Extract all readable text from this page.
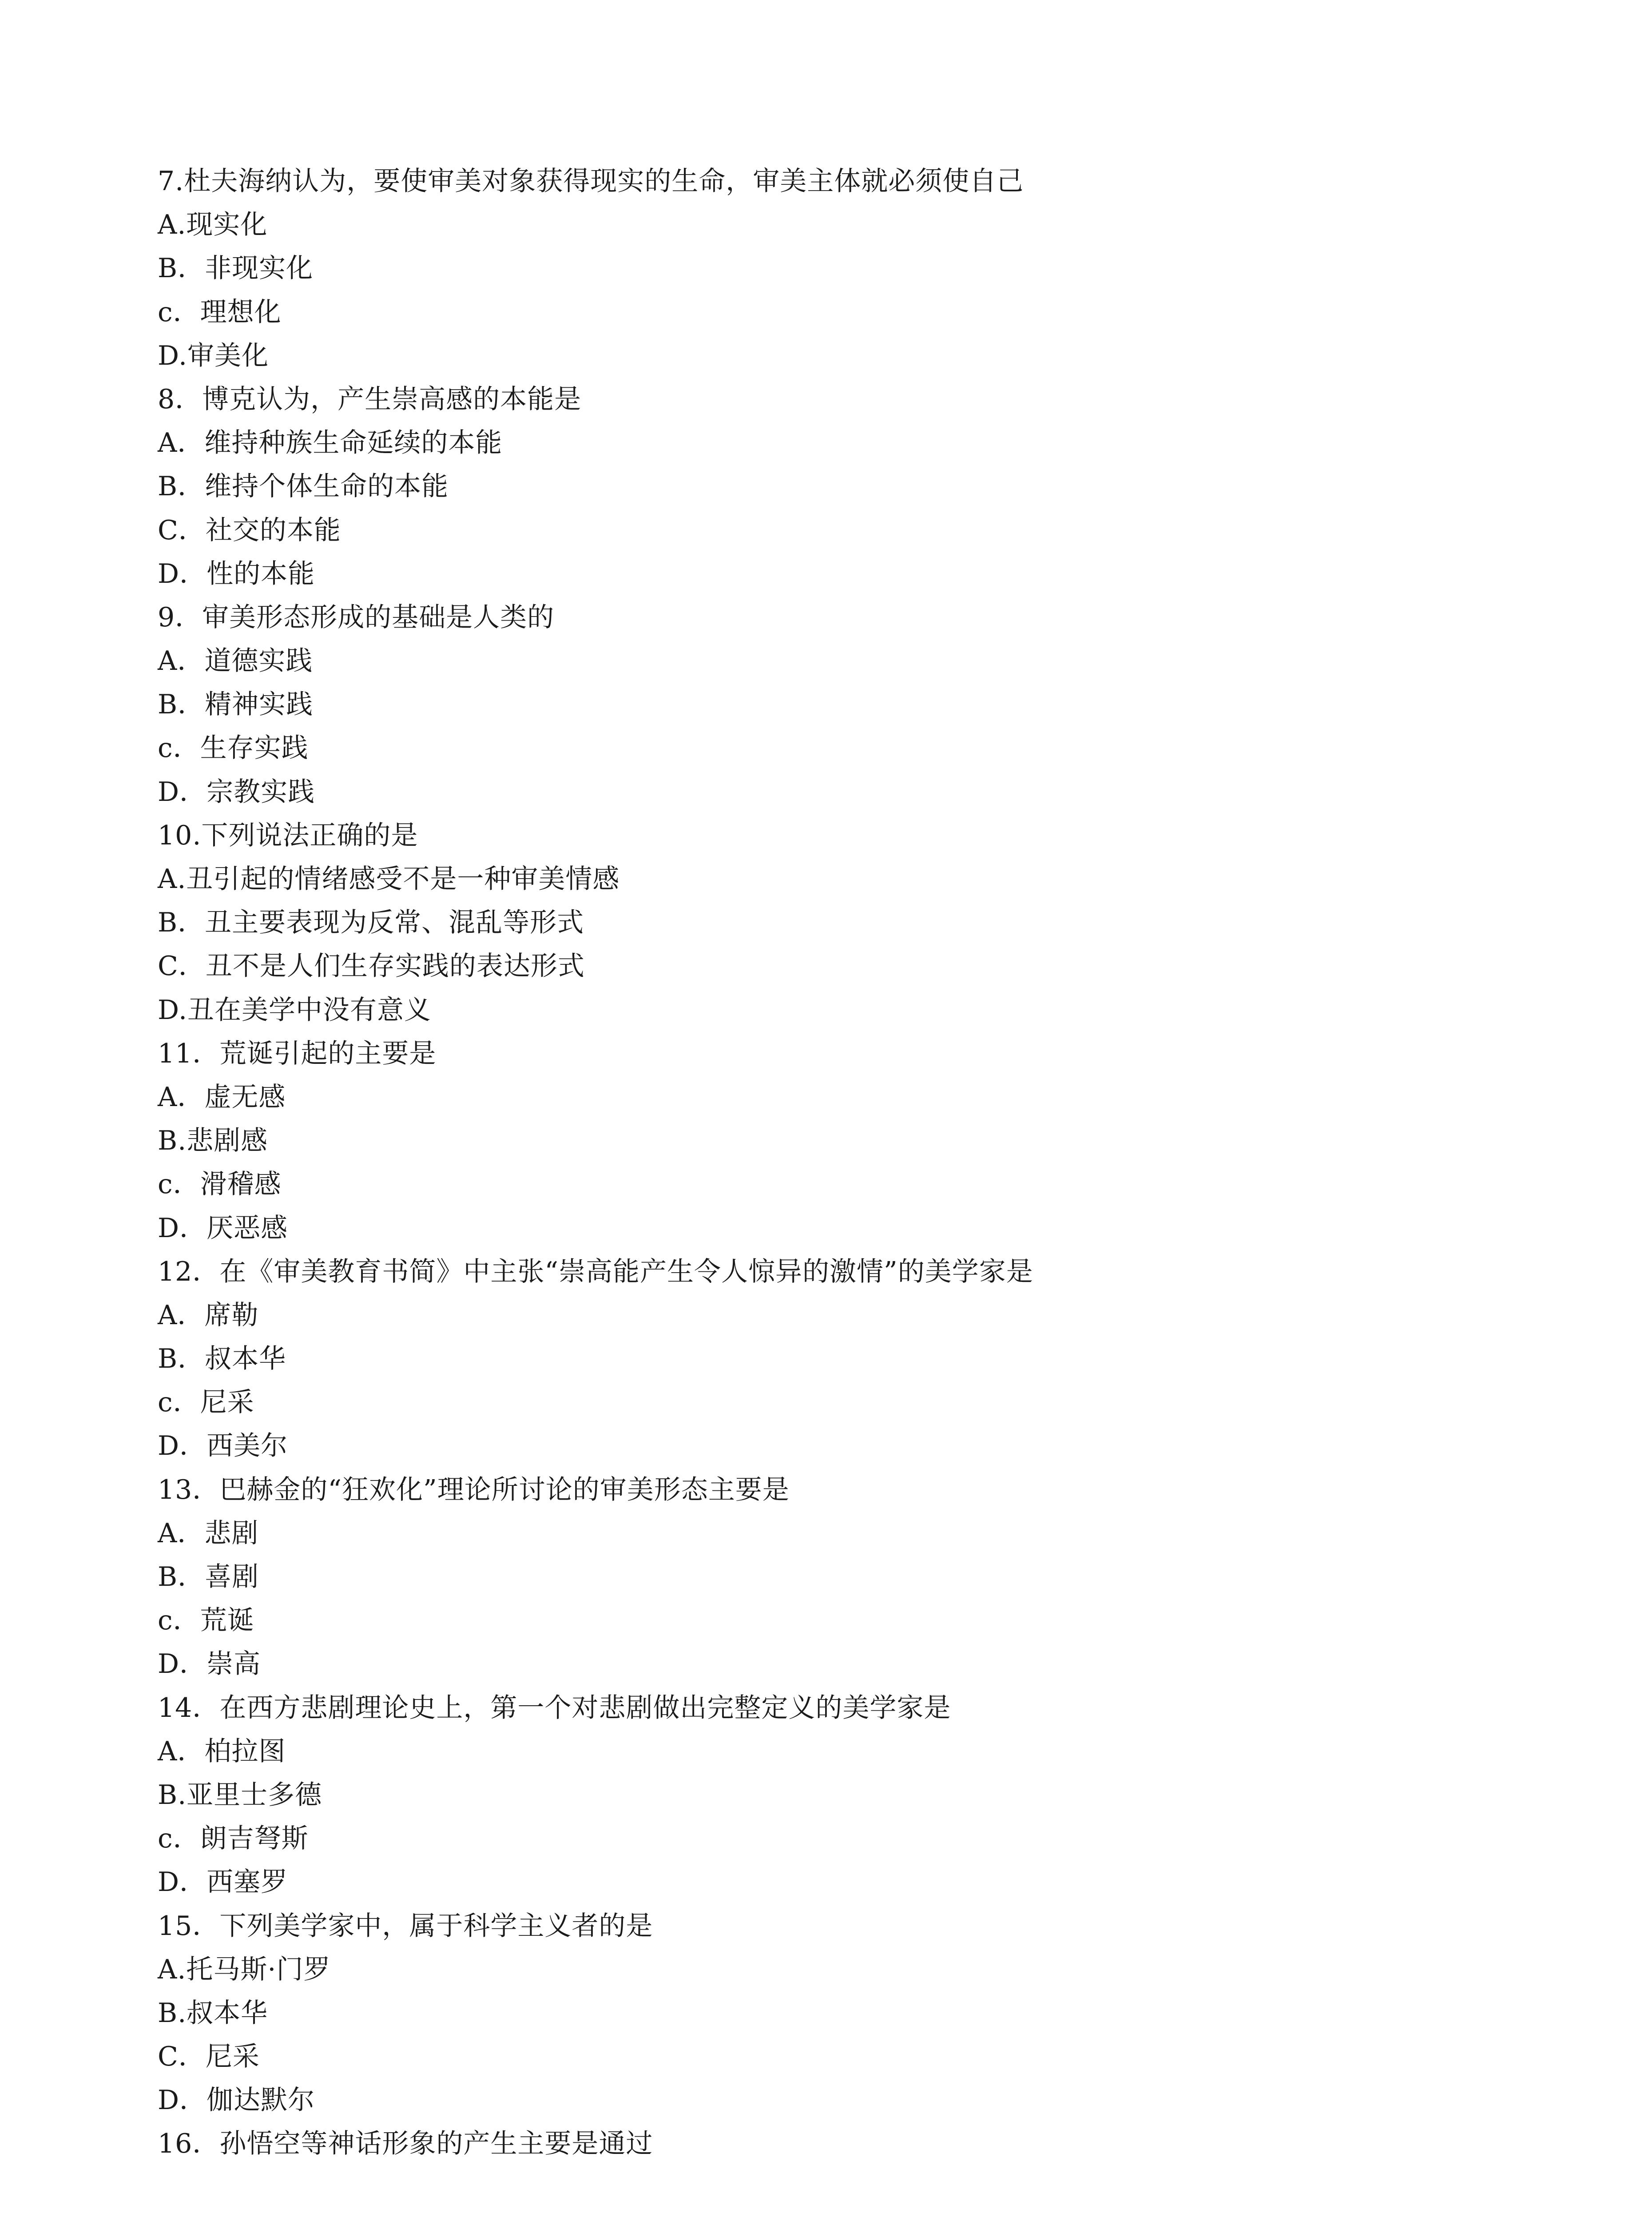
7.杜夫海纳认为，要使审美对象获得现实的生命，审美主体就必须使自己
A.现实化
B．非现实化
c．理想化
D.审美化
8．博克认为，产生崇高感的本能是
A．维持种族生命延续的本能
B．维持个体生命的本能
C．社交的本能
D．性的本能
9．审美形态形成的基础是人类的
A．道德实践
B．精神实践
c．生存实践
D．宗教实践
10.下列说法正确的是
A.丑引起的情绪感受不是一种审美情感
B．丑主要表现为反常、混乱等形式
C．丑不是人们生存实践的表达形式
D.丑在美学中没有意义
11．荒诞引起的主要是
A．虚无感
B.悲剧感
c．滑稽感
D．厌恶感
12．在《审美教育书简》中主张“崇高能产生令人惊异的激情”的美学家是
A．席勒
B．叔本华
c．尼采
D．西美尔
13．巴赫金的“狂欢化”理论所讨论的审美形态主要是
A．悲剧
B．喜剧
c．荒诞
D．崇高
14．在西方悲剧理论史上，第一个对悲剧做出完整定义的美学家是
A．柏拉图
B.亚里士多德
c．朗吉弩斯
D．西塞罗
15．下列美学家中，属于科学主义者的是
A.托马斯·门罗
B.叔本华
C．尼采
D．伽达默尔
16．孙悟空等神话形象的产生主要是通过
